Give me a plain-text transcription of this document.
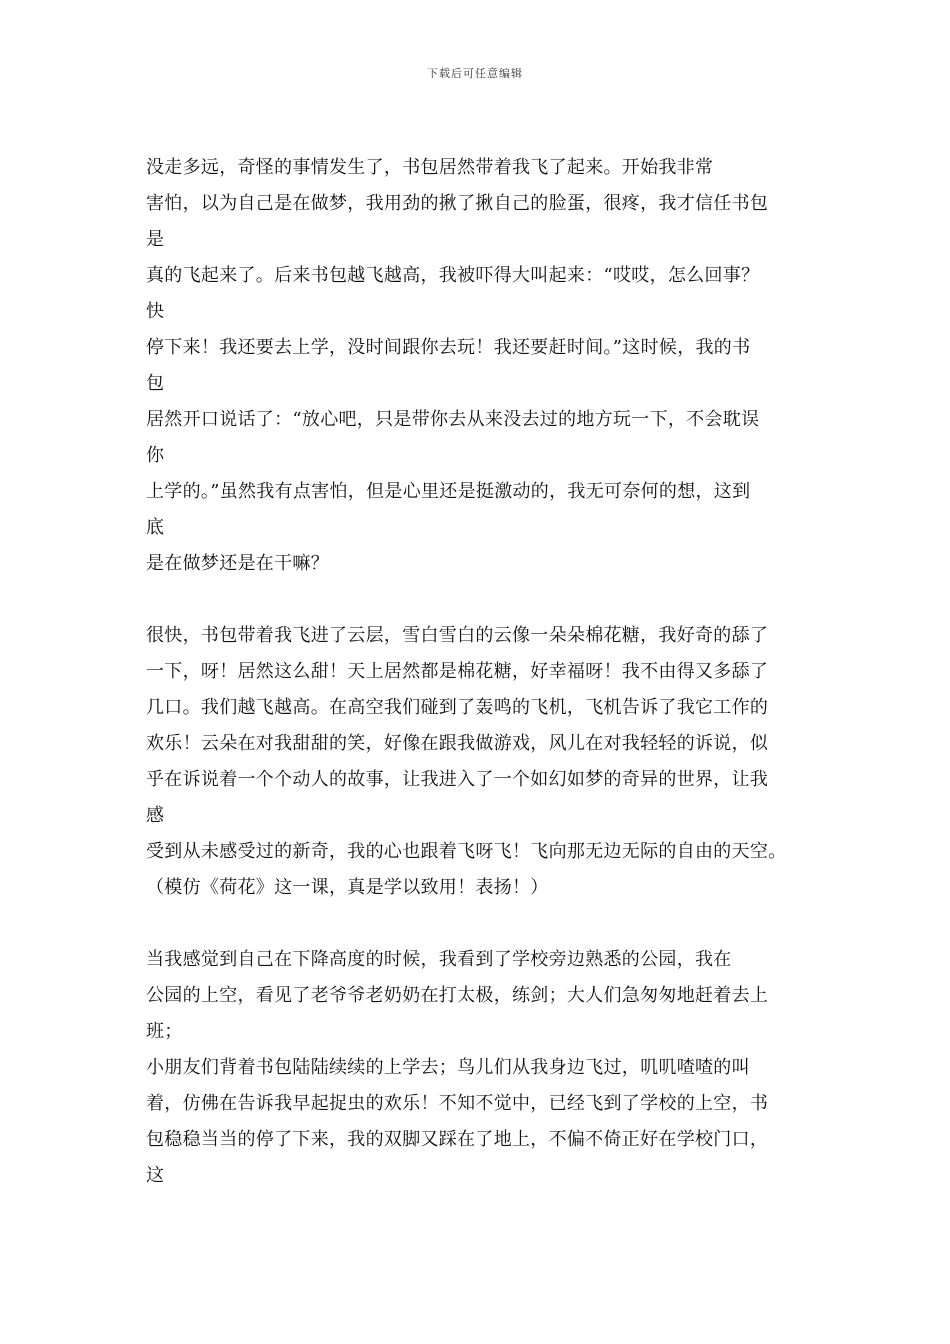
下载后可任意编辑
没走多远，奇怪的事情发生了，书包居然带着我飞了起来。开始我非常
害怕，以为自己是在做梦，我用劲的揪了揪自己的脸蛋，很疼，我才信任书包
是
真的飞起来了。后来书包越飞越高，我被吓得大叫起来：“哎哎，怎么回事？
快
停下来！我还要去上学，没时间跟你去玩！我还要赶时间。”这时候，我的书
包
居然开口说话了：“放心吧，只是带你去从来没去过的地方玩一下，不会耽误
你
上学的。”虽然我有点害怕，但是心里还是挺激动的，我无可奈何的想，这到
底
是在做梦还是在干嘛？
很快，书包带着我飞进了云层，雪白雪白的云像一朵朵棉花糖，我好奇的舔了
一下，呀！居然这么甜！天上居然都是棉花糖，好幸福呀！我不由得又多舔了
几口。我们越飞越高。在高空我们碰到了轰鸣的飞机，飞机告诉了我它工作的
欢乐！云朵在对我甜甜的笑，好像在跟我做游戏，风儿在对我轻轻的诉说，似
乎在诉说着一个个动人的故事，让我进入了一个如幻如梦的奇异的世界，让我
感
受到从未感受过的新奇，我的心也跟着飞呀飞！飞向那无边无际的自由的天空。
（模仿《荷花》这一课，真是学以致用！表扬！）
当我感觉到自己在下降高度的时候，我看到了学校旁边熟悉的公园，我在
公园的上空，看见了老爷爷老奶奶在打太极，练剑；大人们急匆匆地赶着去上
班；
小朋友们背着书包陆陆续续的上学去；鸟儿们从我身边飞过，叽叽喳喳的叫
着，仿佛在告诉我早起捉虫的欢乐！不知不觉中，已经飞到了学校的上空，书
包稳稳当当的停了下来，我的双脚又踩在了地上，不偏不倚正好在学校门口，
这
